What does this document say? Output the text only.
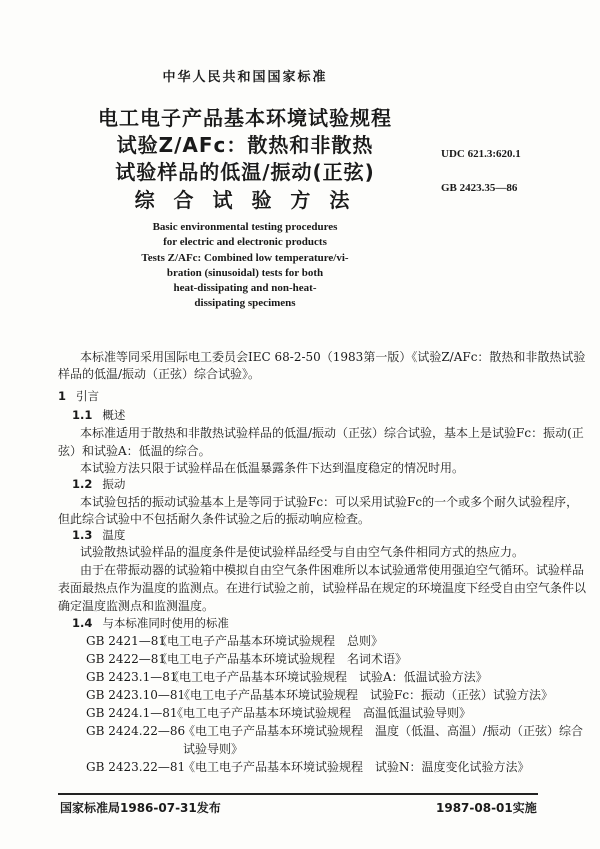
中华人民共和国国家标准
电工电子产品基本环境试验规程
试验Z/AFc：散热和非散热
试验样品的低温/振动(正弦)
综 合 试 验 方 法
UDC 621.3:620.1
GB 2423.35—86
Basic environmental testing procedures
for electric and electronic products
Tests Z/AFc: Combined low temperature/vi-
bration (sinusoidal) tests for both
heat-dissipating and non-heat-
dissipating specimens
本标准等同采用国际电工委员会IEC 68-2-50（1983第一版）《试验Z/AFc：散热和非散热试验
样品的低温/振动（正弦）综合试验》。
1 引言
1.1 概述
本标准适用于散热和非散热试验样品的低温/振动（正弦）综合试验，基本上是试验Fc：振动(正
弦）和试验A：低温的综合。
本试验方法只限于试验样品在低温暴露条件下达到温度稳定的情况时用。
1.2 振动
本试验包括的振动试验基本上是等同于试验Fc：可以采用试验Fc的一个或多个耐久试验程序，
但此综合试验中不包括耐久条件试验之后的振动响应检查。
1.3 温度
试验散热试验样品的温度条件是使试验样品经受与自由空气条件相同方式的热应力。
由于在带振动器的试验箱中模拟自由空气条件困难所以本试验通常使用强迫空气循环。试验样品
表面最热点作为温度的监测点。在进行试验之前，试验样品在规定的环境温度下经受自由空气条件以
确定温度监测点和监测温度。
1.4 与本标准同时使用的标准
GB 2421—81《电工电子产品基本环境试验规程　总则》
GB 2422—81《电工电子产品基本环境试验规程　名词术语》
GB 2423.1—81《电工电子产品基本环境试验规程　试验A：低温试验方法》
GB 2423.10—81《电工电子产品基本环境试验规程　试验Fc：振动（正弦）试验方法》
GB 2424.1—81《电工电子产品基本环境试验规程　高温低温试验导则》
GB 2424.22—86《电工电子产品基本环境试验规程　温度（低温、高温）/振动（正弦）综合
试验导则》
GB 2423.22—81《电工电子产品基本环境试验规程　试验N：温度变化试验方法》
国家标准局1986-07-31发布	1987-08-01实施
